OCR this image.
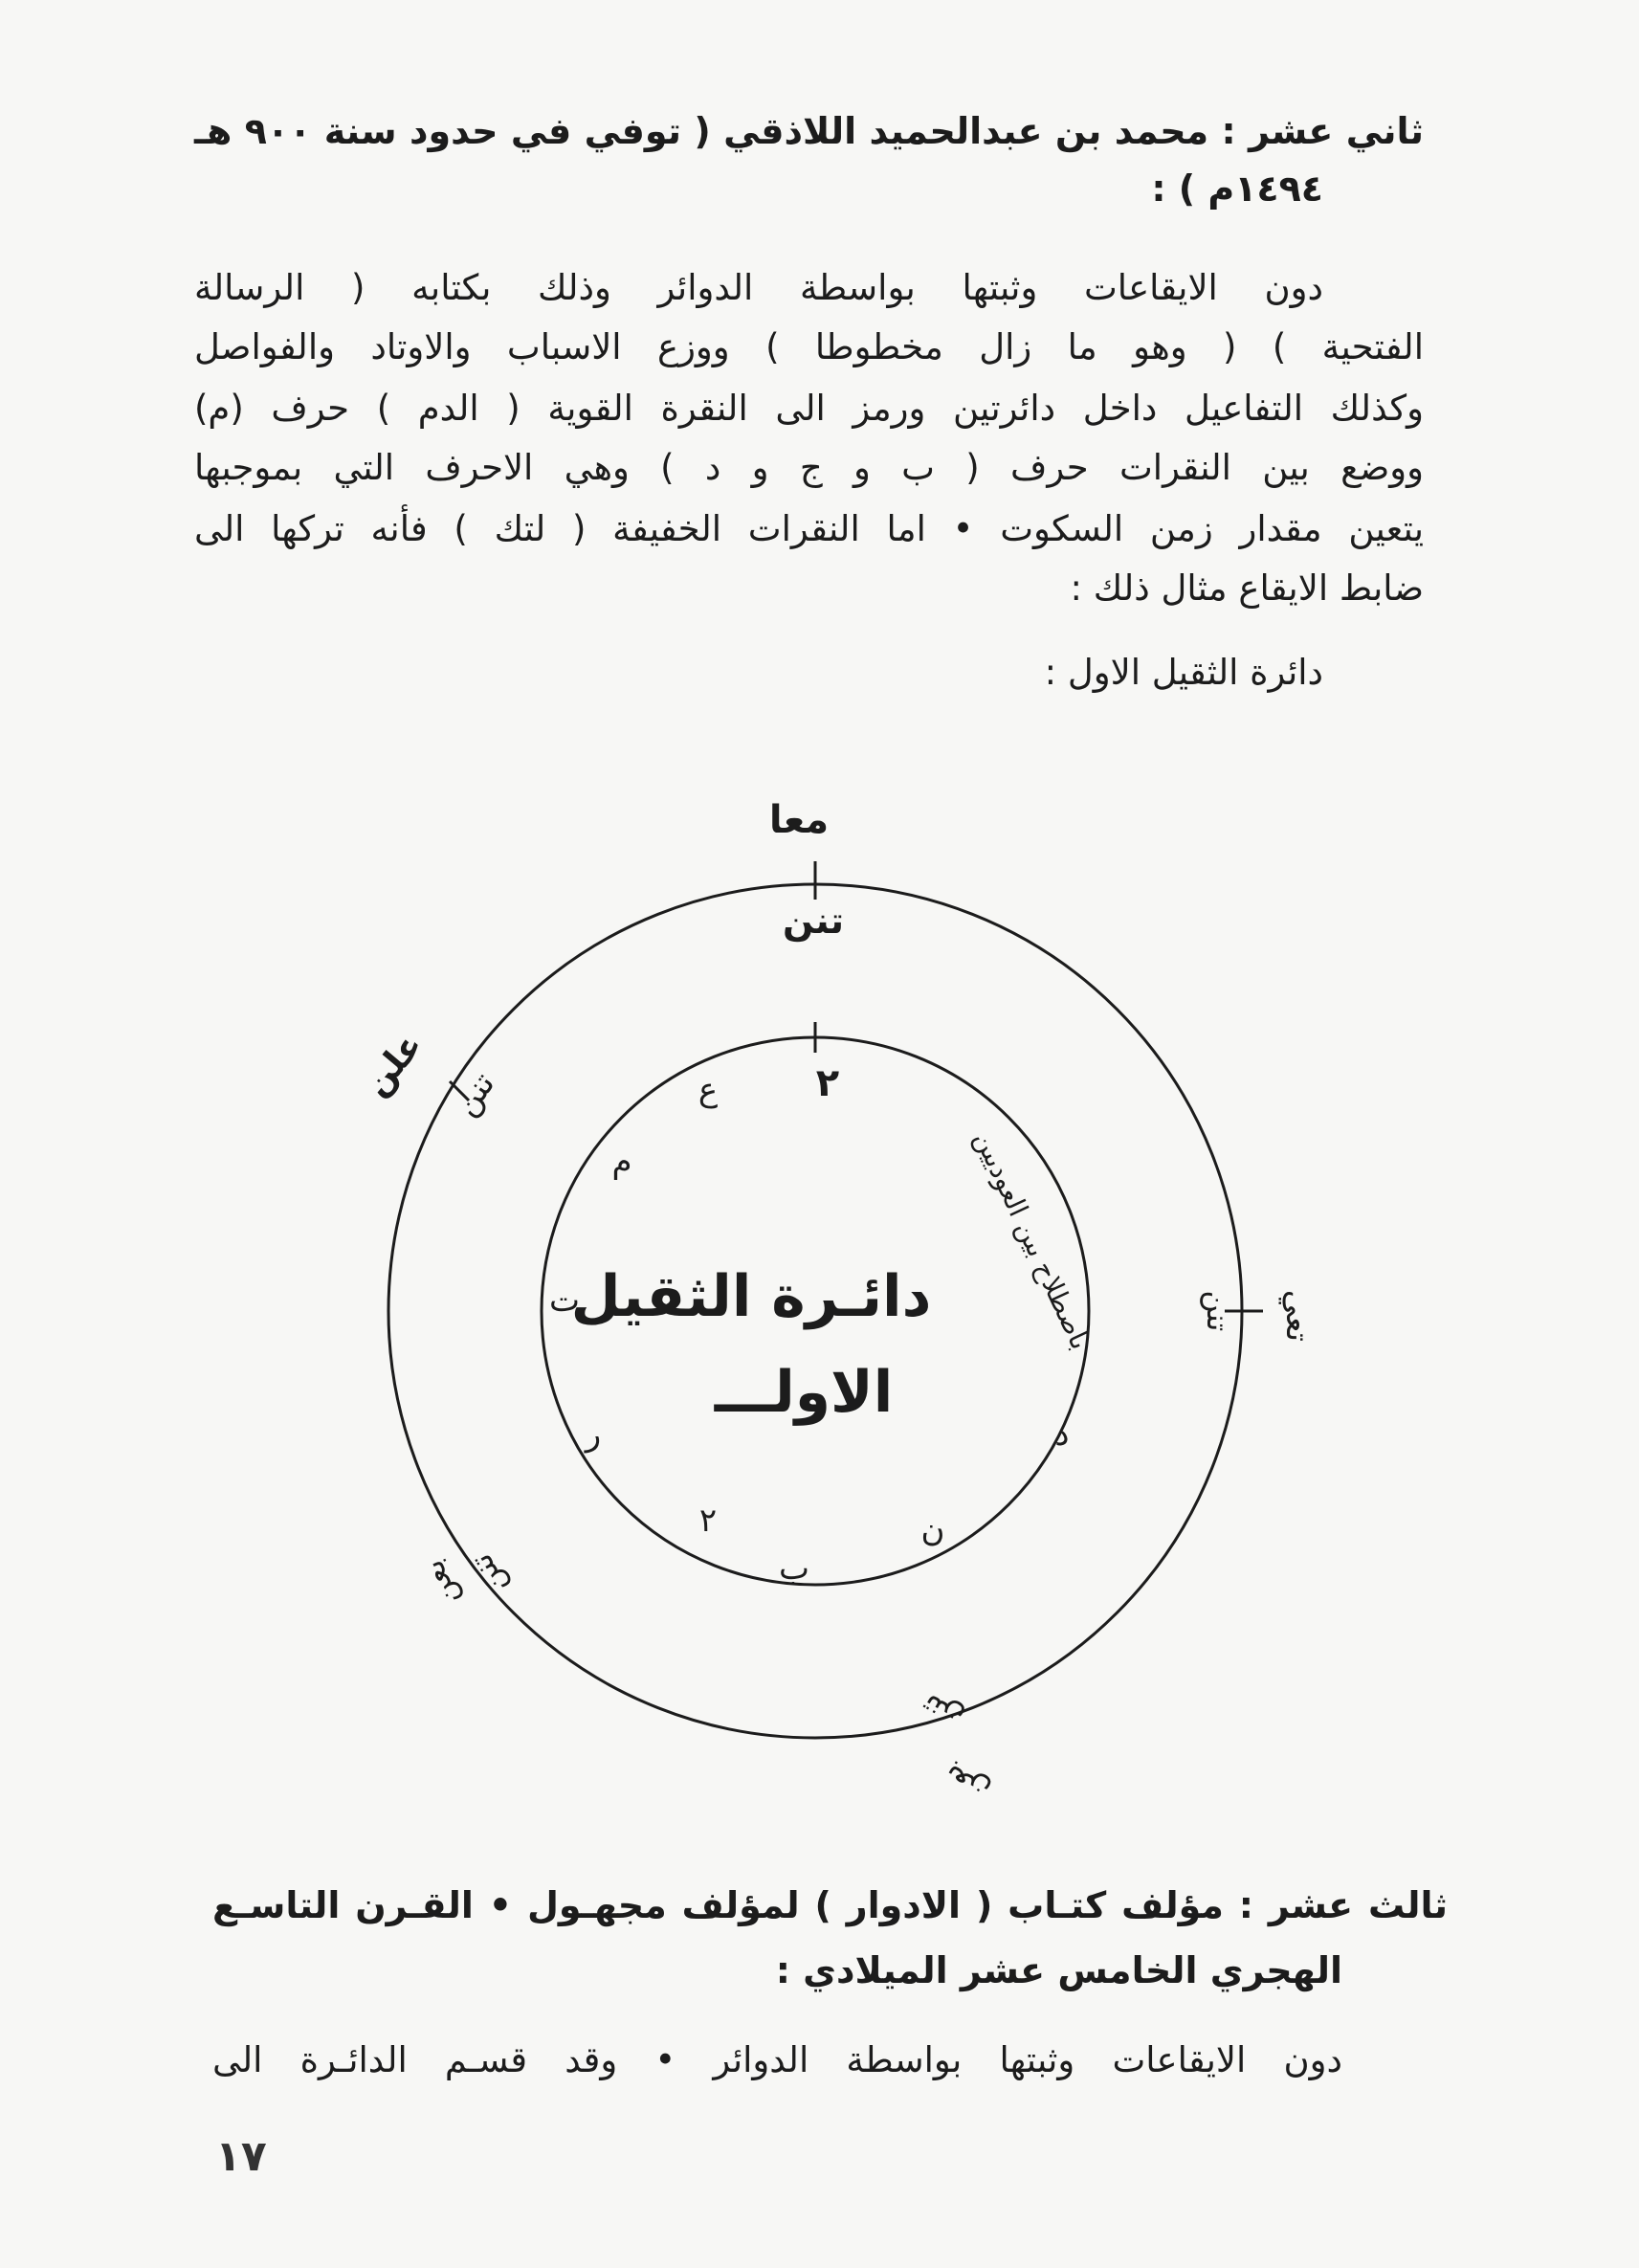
ثاني عشر : محمد بن عبدالحميد اللاذقي ( توفي في حدود سنة ٩٠٠ هـ
١٤٩٤م ) :
دون الايقاعات وثبتها بواسطة الدوائر وذلك بكتابه ( الرسالة
الفتحية ) ( وهو ما زال مخطوطا ) ووزع الاسباب والاوتاد والفواصل
وكذلك التفاعيل داخل دائرتين ورمز الى النقرة القوية ( الدم ) حرف (م)
ووضع بين النقرات حرف ( ب و ج و د ) وهي الاحرف التي بموجبها
يتعين مقدار زمن السكوت • اما النقرات الخفيفة ( لتك ) فأنه تركها الى
ضابط الايقاع مثال ذلك :
دائرة الثقيل الاول :
معا
تنن
علن تنن
تعي
تنن
بعن
تنن
بعن
تنن
٢
ع
م
ت
ر
٢
ب
ن
د
باصطلاح بين العوديين
دائـرة الثقيل
الاولـــ
ثالث عشر : مؤلف كتـاب ( الادوار ) لمؤلف مجهـول • القـرن التاسـع
الهجري الخامس عشر الميلادي :
دون الايقاعات وثبتها بواسطة الدوائر • وقد قسـم الدائـرة الى
١٧
